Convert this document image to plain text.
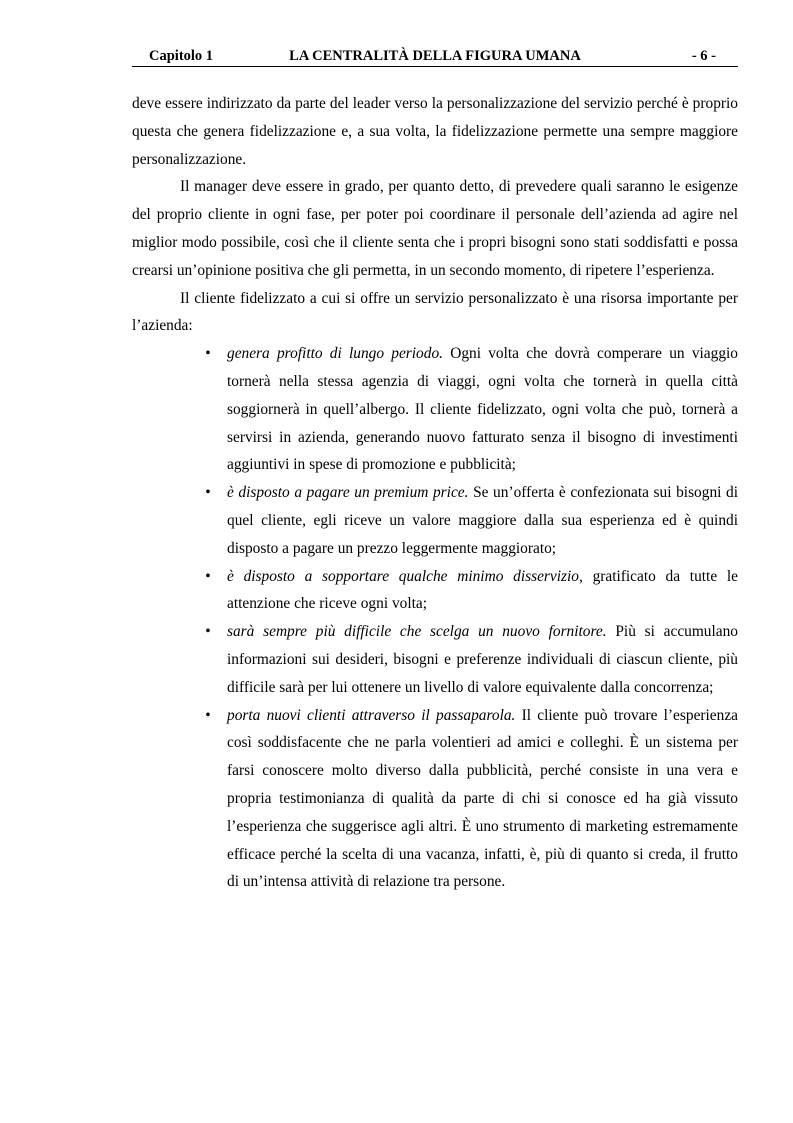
LA CENTRALITÀ DELLA FIGURA UMANA
Capitolo 1	- 6 -

deve essere indirizzato da parte del leader verso la personalizzazione del servizio perché è proprio questa che genera fidelizzazione e, a sua volta, la fidelizzazione permette una sempre maggiore personalizzazione.

Il manager deve essere in grado, per quanto detto, di prevedere quali saranno le esigenze del proprio cliente in ogni fase, per poter poi coordinare il personale dell’azienda ad agire nel miglior modo possibile, così che il cliente senta che i propri bisogni sono stati soddisfatti e possa crearsi un’opinione positiva che gli permetta, in un secondo momento, di ripetere l’esperienza.

Il cliente fidelizzato a cui si offre un servizio personalizzato è una risorsa importante per l’azienda:

• genera profitto di lungo periodo. Ogni volta che dovrà comperare un viaggio tornerà nella stessa agenzia di viaggi, ogni volta che tornerà in quella città soggiornerà in quell’albergo. Il cliente fidelizzato, ogni volta che può, tornerà a servirsi in azienda, generando nuovo fatturato senza il bisogno di investimenti aggiuntivi in spese di promozione e pubblicità;
• è disposto a pagare un premium price. Se un’offerta è confezionata sui bisogni di quel cliente, egli riceve un valore maggiore dalla sua esperienza ed è quindi disposto a pagare un prezzo leggermente maggiorato;
• è disposto a sopportare qualche minimo disservizio, gratificato da tutte le attenzione che riceve ogni volta;
• sarà sempre più difficile che scelga un nuovo fornitore. Più si accumulano informazioni sui desideri, bisogni e preferenze individuali di ciascun cliente, più difficile sarà per lui ottenere un livello di valore equivalente dalla concorrenza;
• porta nuovi clienti attraverso il passaparola. Il cliente può trovare l’esperienza così soddisfacente che ne parla volentieri ad amici e colleghi. È un sistema per farsi conoscere molto diverso dalla pubblicità, perché consiste in una vera e propria testimonianza di qualità da parte di chi si conosce ed ha già vissuto l’esperienza che suggerisce agli altri. È uno strumento di marketing estremamente efficace perché la scelta di una vacanza, infatti, è, più di quanto si creda, il frutto di un’intensa attività di relazione tra persone.
